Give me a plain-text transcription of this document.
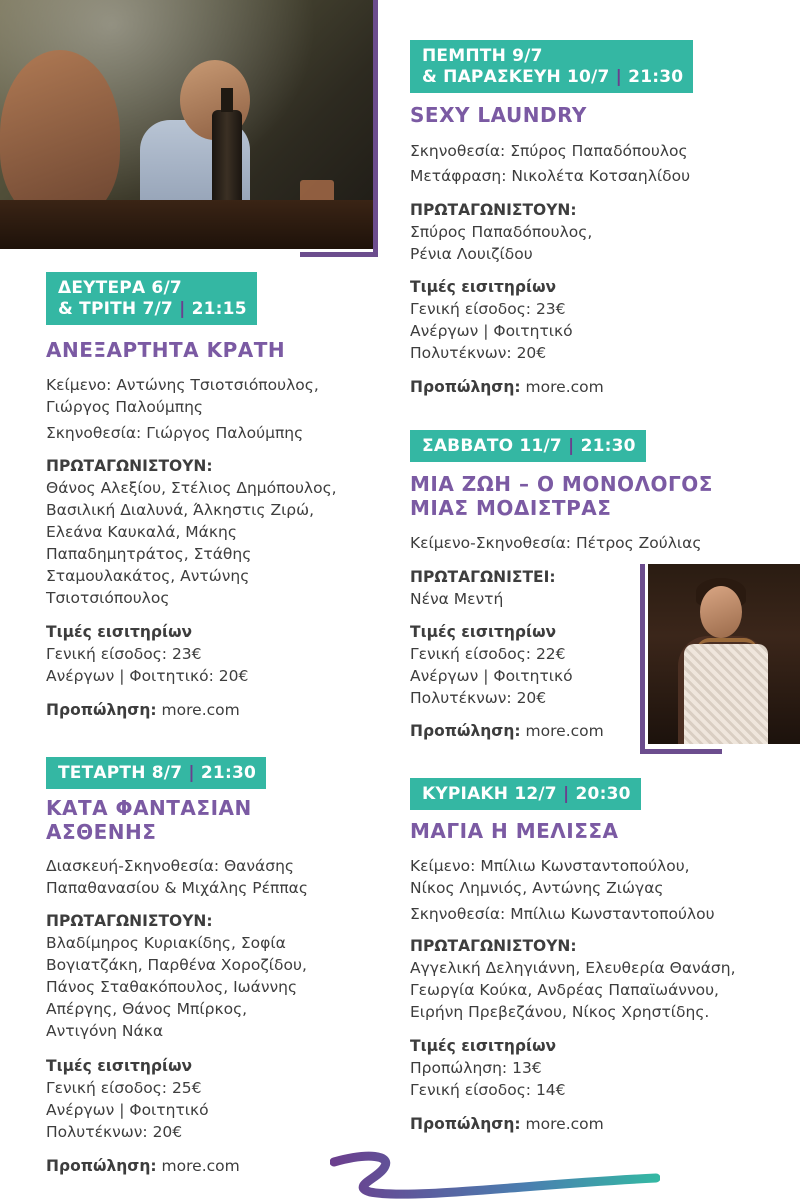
ΔΕΥΤΕΡΑ 6/7
& ΤΡΙΤΗ 7/7 | 21:15
ΑΝΕΞΑΡΤΗΤΑ ΚΡΑΤΗ
Κείμενο: Αντώνης Τσιοτσιόπουλος,
Γιώργος Παλούμπης
Σκηνοθεσία: Γιώργος Παλούμπης
ΠΡΩΤΑΓΩΝΙΣΤΟΥΝ:
Θάνος Αλεξίου, Στέλιος Δημόπουλος,
Βασιλική Διαλυνά, Άλκηστις Ζιρώ,
Ελεάνα Καυκαλά, Μάκης
Παπαδημητράτος, Στάθης
Σταμουλακάτος, Αντώνης
Τσιοτσιόπουλος
Τιμές εισιτηρίων
Γενική είσοδος: 23€
Ανέργων | Φοιτητικό: 20€
Προπώληση: more.com
ΤΕΤΑΡΤΗ 8/7 | 21:30
ΚΑΤΑ ΦΑΝΤΑΣΙΑΝ
ΑΣΘΕΝΗΣ
Διασκευή-Σκηνοθεσία: Θανάσης
Παπαθανασίου & Μιχάλης Ρέππας
ΠΡΩΤΑΓΩΝΙΣΤΟΥΝ:
Βλαδίμηρος Κυριακίδης, Σοφία
Βογιατζάκη, Παρθένα Χοροζίδου,
Πάνος Σταθακόπουλος, Ιωάννης
Απέργης, Θάνος Μπίρκος,
Αντιγόνη Νάκα
Τιμές εισιτηρίων
Γενική είσοδος: 25€
Ανέργων | Φοιτητικό
Πολυτέκνων: 20€
Προπώληση: more.com
ΠΕΜΠΤΗ 9/7
& ΠΑΡΑΣΚΕΥΗ 10/7 | 21:30
SEXY LAUNDRY
Σκηνοθεσία: Σπύρος Παπαδόπουλος
Μετάφραση: Νικολέτα Κοτσαηλίδου
ΠΡΩΤΑΓΩΝΙΣΤΟΥΝ:
Σπύρος Παπαδόπουλος,
Ρένια Λουιζίδου
Τιμές εισιτηρίων
Γενική είσοδος: 23€
Ανέργων | Φοιτητικό
Πολυτέκνων: 20€
Προπώληση: more.com
ΣΑΒΒΑΤΟ 11/7 | 21:30
ΜΙΑ ΖΩΗ – Ο ΜΟΝΟΛΟΓΟΣ
ΜΙΑΣ ΜΟΔΙΣΤΡΑΣ
Κείμενο-Σκηνοθεσία: Πέτρος Ζούλιας
ΠΡΩΤΑΓΩΝΙΣΤΕΙ:
Νένα Μεντή
Τιμές εισιτηρίων
Γενική είσοδος: 22€
Ανέργων | Φοιτητικό
Πολυτέκνων: 20€
Προπώληση: more.com
ΚΥΡΙΑΚΗ 12/7 | 20:30
ΜΑΓΙΑ Η ΜΕΛΙΣΣΑ
Κείμενο: Μπίλιω Κωνσταντοπούλου,
Νίκος Λημνιός, Αντώνης Ζιώγας
Σκηνοθεσία: Μπίλιω Κωνσταντοπούλου
ΠΡΩΤΑΓΩΝΙΣΤΟΥΝ:
Αγγελική Δεληγιάννη, Ελευθερία Θανάση,
Γεωργία Κούκα, Ανδρέας Παπαϊωάννου,
Ειρήνη Πρεβεζάνου, Νίκος Χρηστίδης.
Τιμές εισιτηρίων
Προπώληση: 13€
Γενική είσοδος: 14€
Προπώληση: more.com
